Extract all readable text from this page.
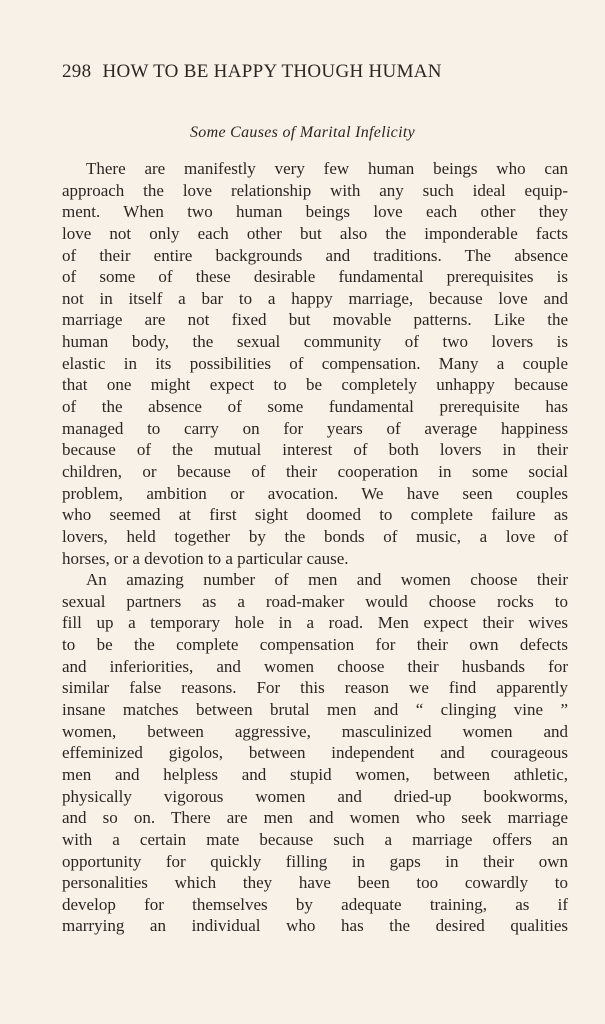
298 HOW TO BE HAPPY THOUGH HUMAN
Some Causes of Marital Infelicity
There are manifestly very few human beings who can
approach the love relationship with any such ideal equip-
ment. When two human beings love each other they
love not only each other but also the imponderable facts
of their entire backgrounds and traditions. The absence
of some of these desirable fundamental prerequisites is
not in itself a bar to a happy marriage, because love and
marriage are not fixed but movable patterns. Like the
human body, the sexual community of two lovers is
elastic in its possibilities of compensation. Many a couple
that one might expect to be completely unhappy because
of the absence of some fundamental prerequisite has
managed to carry on for years of average happiness
because of the mutual interest of both lovers in their
children, or because of their cooperation in some social
problem, ambition or avocation. We have seen couples
who seemed at first sight doomed to complete failure as
lovers, held together by the bonds of music, a love of
horses, or a devotion to a particular cause.
An amazing number of men and women choose their
sexual partners as a road-maker would choose rocks to
fill up a temporary hole in a road. Men expect their wives
to be the complete compensation for their own defects
and inferiorities, and women choose their husbands for
similar false reasons. For this reason we find apparently
insane matches between brutal men and “ clinging vine ”
women, between aggressive, masculinized women and
effeminized gigolos, between independent and courageous
men and helpless and stupid women, between athletic,
physically vigorous women and dried-up bookworms,
and so on. There are men and women who seek marriage
with a certain mate because such a marriage offers an
opportunity for quickly filling in gaps in their own
personalities which they have been too cowardly to
develop for themselves by adequate training, as if
marrying an individual who has the desired qualities
